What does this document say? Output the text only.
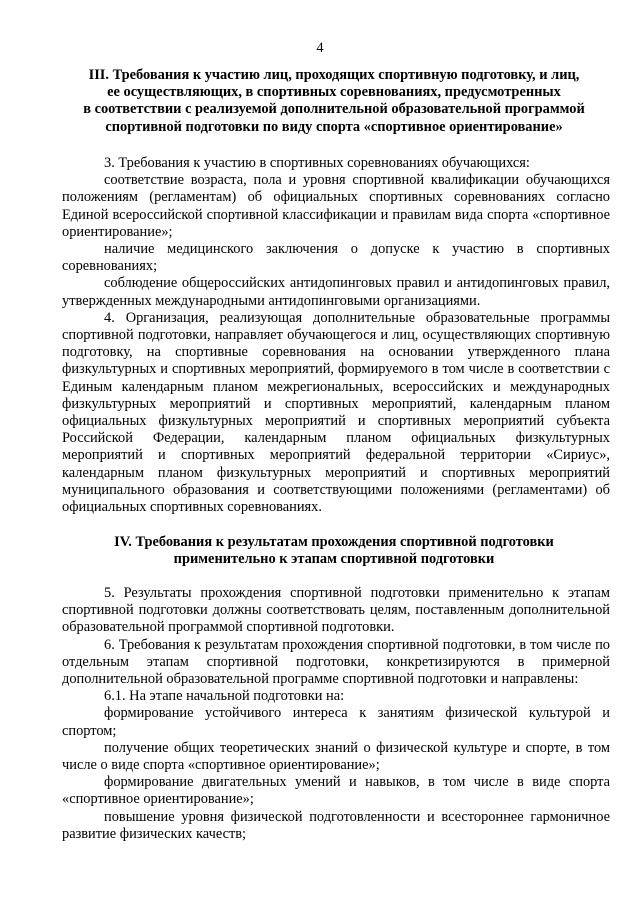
4
III. Требования к участию лиц, проходящих спортивную подготовку, и лиц,
ее осуществляющих, в спортивных соревнованиях, предусмотренных
в соответствии с реализуемой дополнительной образовательной программой
спортивной подготовки по виду спорта «спортивное ориентирование»

3. Требования к участию в спортивных соревнованиях обучающихся:

соответствие возраста, пола и уровня спортивной квалификации обучающихся положениям (регламентам) об официальных спортивных соревнованиях согласно Единой всероссийской спортивной классификации и правилам вида спорта «спортивное ориентирование»;

наличие медицинского заключения о допуске к участию в спортивных соревнованиях;

соблюдение общероссийских антидопинговых правил и антидопинговых правил, утвержденных международными антидопинговыми организациями.

4. Организация, реализующая дополнительные образовательные программы спортивной подготовки, направляет обучающегося и лиц, осуществляющих спортивную подготовку, на спортивные соревнования на основании утвержденного плана физкультурных и спортивных мероприятий, формируемого в том числе в соответствии с Единым календарным планом межрегиональных, всероссийских и международных физкультурных мероприятий и спортивных мероприятий, календарным планом официальных физкультурных мероприятий и спортивных мероприятий субъекта Российской Федерации, календарным планом официальных физкультурных мероприятий и спортивных мероприятий федеральной территории «Сириус», календарным планом физкультурных мероприятий и спортивных мероприятий муниципального образования и соответствующими положениями (регламентами) об официальных спортивных соревнованиях.

IV. Требования к результатам прохождения спортивной подготовки
применительно к этапам спортивной подготовки

5. Результаты прохождения спортивной подготовки применительно к этапам спортивной подготовки должны соответствовать целям, поставленным дополнительной образовательной программой спортивной подготовки.

6. Требования к результатам прохождения спортивной подготовки, в том числе по отдельным этапам спортивной подготовки, конкретизируются в примерной дополнительной образовательной программе спортивной подготовки и направлены:

6.1. На этапе начальной подготовки на:

формирование устойчивого интереса к занятиям физической культурой и спортом;

получение общих теоретических знаний о физической культуре и спорте, в том числе о виде спорта «спортивное ориентирование»;

формирование двигательных умений и навыков, в том числе в виде спорта «спортивное ориентирование»;

повышение уровня физической подготовленности и всестороннее гармоничное развитие физических качеств;
